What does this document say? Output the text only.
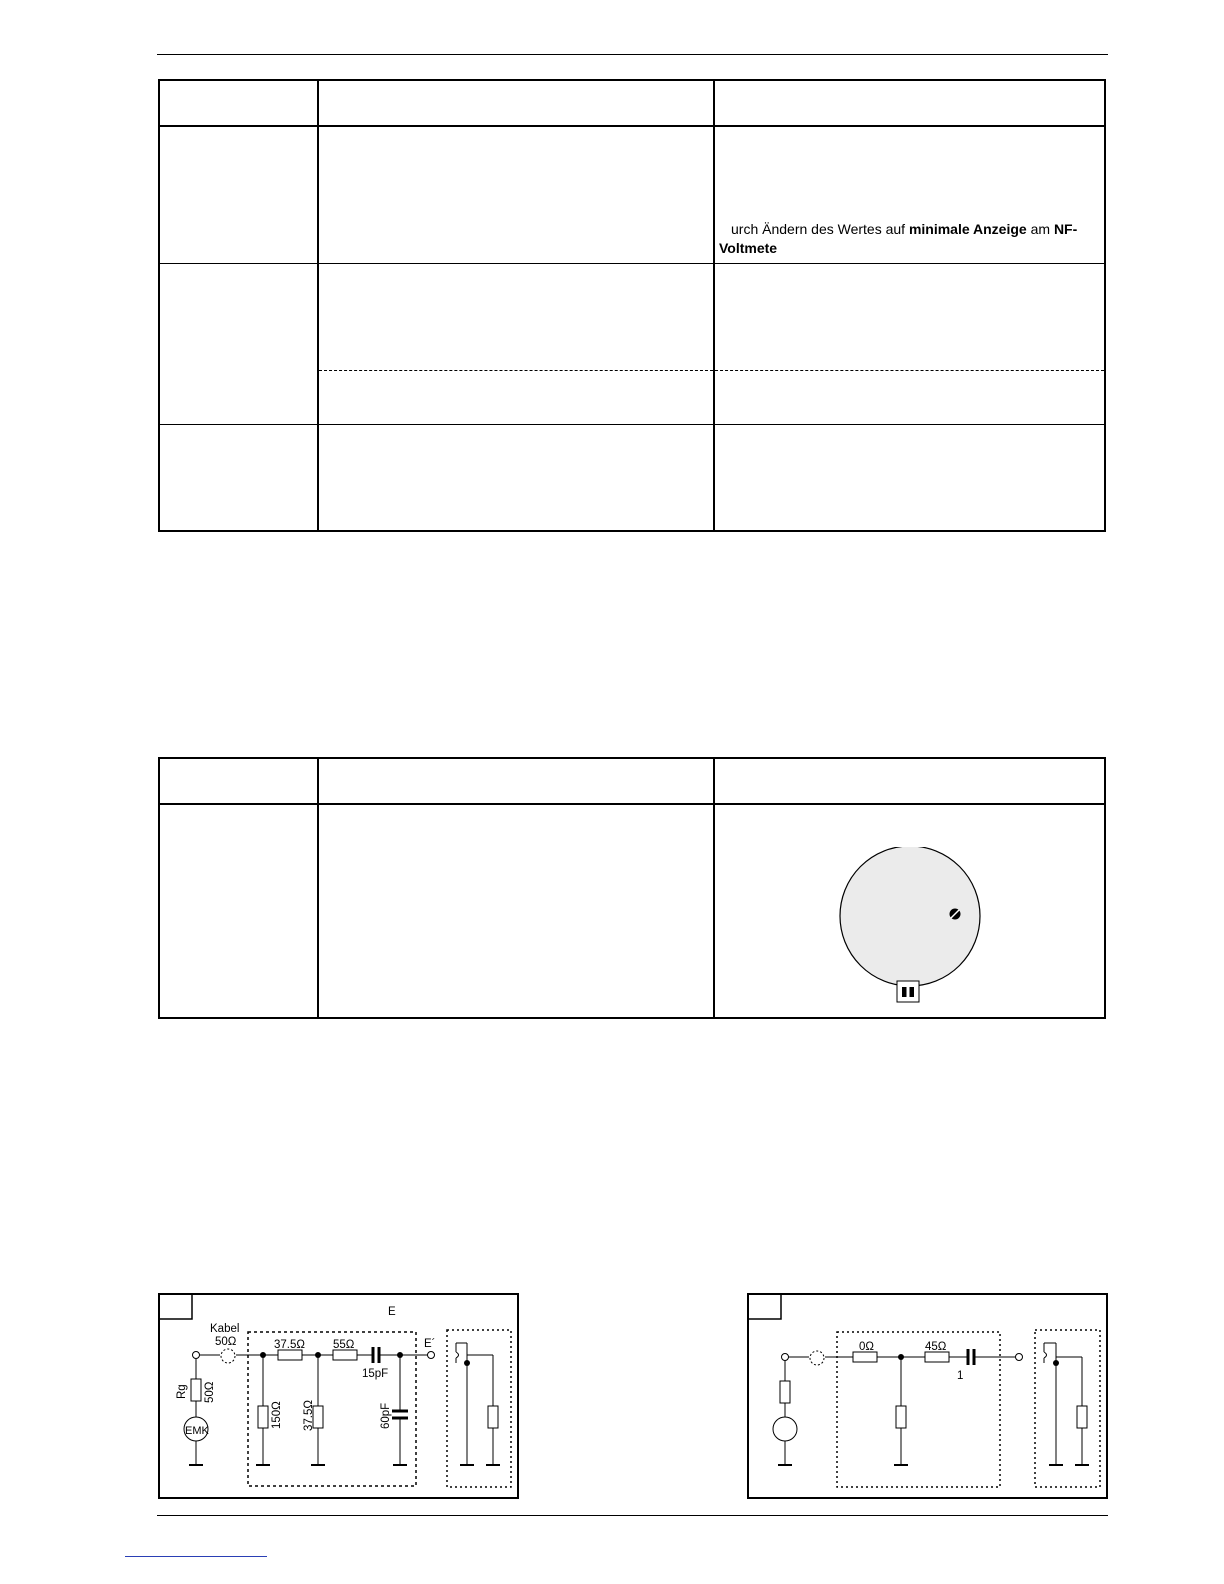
urch Ändern des Wertes auf minimale Anzeige am NF-
Voltmete
E
Kabel
50Ω	37.5Ω 55Ω
15pF
E´
Rg 50Ω
EMK
150Ω 37.5Ω	60pF
0Ω	45Ω
1
